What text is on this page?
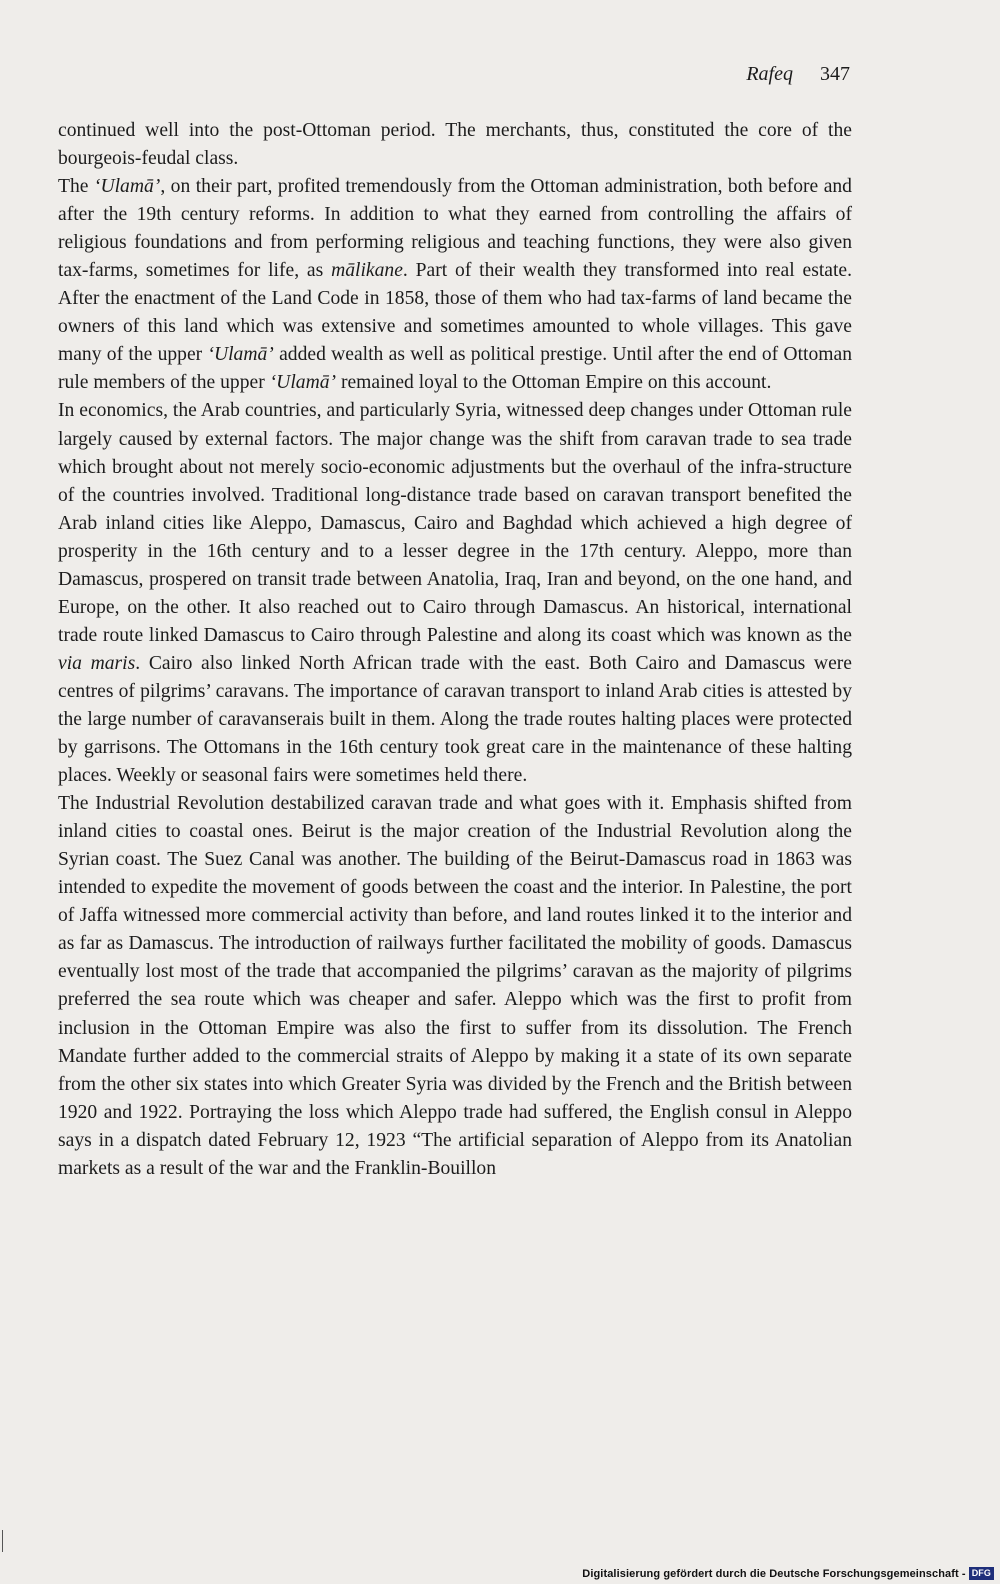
Rafeq 347

continued well into the post-Ottoman period. The merchants, thus, constituted the core of the bourgeois-feudal class.

The ‘Ulamā’, on their part, profited tremendously from the Ottoman administration, both before and after the 19th century reforms. In addition to what they earned from controlling the affairs of religious foundations and from performing religious and teaching functions, they were also given tax-farms, sometimes for life, as mālikane. Part of their wealth they transformed into real estate. After the enactment of the Land Code in 1858, those of them who had tax-farms of land became the owners of this land which was extensive and sometimes amounted to whole villages. This gave many of the upper ‘Ulamā’ added wealth as well as political prestige. Until after the end of Ottoman rule members of the upper ‘Ulamā’ remained loyal to the Ottoman Empire on this account.

In economics, the Arab countries, and particularly Syria, witnessed deep changes under Ottoman rule largely caused by external factors. The major change was the shift from caravan trade to sea trade which brought about not merely socio-economic adjustments but the overhaul of the infra-structure of the countries involved. Traditional long-distance trade based on caravan transport benefited the Arab inland cities like Aleppo, Damascus, Cairo and Baghdad which achieved a high degree of prosperity in the 16th century and to a lesser degree in the 17th century. Aleppo, more than Damascus, prospered on transit trade between Anatolia, Iraq, Iran and beyond, on the one hand, and Europe, on the other. It also reached out to Cairo through Damascus. An historical, international trade route linked Damascus to Cairo through Palestine and along its coast which was known as the via maris. Cairo also linked North African trade with the east. Both Cairo and Damascus were centres of pilgrims’ caravans. The importance of caravan transport to inland Arab cities is attested by the large number of caravanserais built in them. Along the trade routes halting places were protected by garrisons. The Ottomans in the 16th century took great care in the maintenance of these halting places. Weekly or seasonal fairs were sometimes held there.

The Industrial Revolution destabilized caravan trade and what goes with it. Emphasis shifted from inland cities to coastal ones. Beirut is the major creation of the Industrial Revolution along the Syrian coast. The Suez Canal was another. The building of the Beirut-Damascus road in 1863 was intended to expedite the movement of goods between the coast and the interior. In Palestine, the port of Jaffa witnessed more commercial activity than before, and land routes linked it to the interior and as far as Damascus. The introduction of railways further facilitated the mobility of goods. Damascus eventually lost most of the trade that accompanied the pilgrims’ caravan as the majority of pilgrims preferred the sea route which was cheaper and safer. Aleppo which was the first to profit from inclusion in the Ottoman Empire was also the first to suffer from its dissolution. The French Mandate further added to the commercial straits of Aleppo by making it a state of its own separate from the other six states into which Greater Syria was divided by the French and the British between 1920 and 1922. Portraying the loss which Aleppo trade had suffered, the English consul in Aleppo says in a dispatch dated February 12, 1923 “The artificial separation of Aleppo from its Anatolian markets as a result of the war and the Franklin-Bouillon

Digitalisierung gefördert durch die Deutsche Forschungsgemeinschaft - DFG
